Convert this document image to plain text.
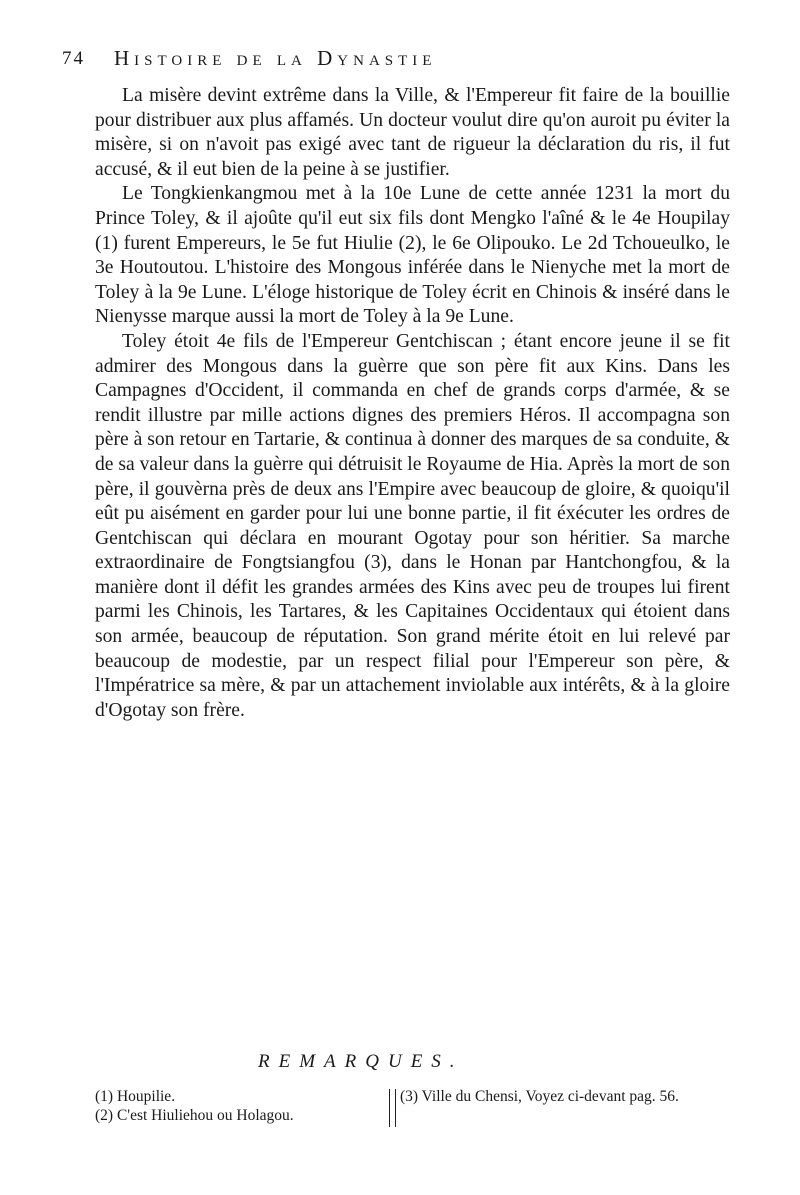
74 Histoire de la Dynastie

La misère devint extrême dans la Ville, & l'Empereur fit faire de la bouillie pour distribuer aux plus affamés. Un docteur voulut dire qu'on auroit pu éviter la misère, si on n'avoit pas exigé avec tant de rigueur la déclaration du ris, il fut accusé, & il eut bien de la peine à se justifier.

Le Tongkienkangmou met à la 10e Lune de cette année 1231 la mort du Prince Toley, & il ajoûte qu'il eut six fils dont Mengko l'aîné & le 4e Houpilay (1) furent Empereurs, le 5e fut Hiulie (2), le 6e Olipouko. Le 2d Tchoueulko, le 3e Houtoutou. L'histoire des Mongous inférée dans le Nienyche met la mort de Toley à la 9e Lune. L'éloge historique de Toley écrit en Chinois & inséré dans le Nienysse marque aussi la mort de Toley à la 9e Lune.

Toley étoit 4e fils de l'Empereur Gentchiscan ; étant encore jeune il se fit admirer des Mongous dans la guèrre que son père fit aux Kins. Dans les Campagnes d'Occident, il commanda en chef de grands corps d'armée, & se rendit illustre par mille actions dignes des premiers Héros. Il accompagna son père à son retour en Tartarie, & continua à donner des marques de sa conduite, & de sa valeur dans la guèrre qui détruisit le Royaume de Hia. Après la mort de son père, il gouvèrna près de deux ans l'Empire avec beaucoup de gloire, & quoiqu'il eût pu aisément en garder pour lui une bonne partie, il fit éxécuter les ordres de Gentchiscan qui déclara en mourant Ogotay pour son héritier. Sa marche extraordinaire de Fongtsiangfou (3), dans le Honan par Hantchongfou, & la manière dont il défit les grandes armées des Kins avec peu de troupes lui firent parmi les Chinois, les Tartares, & les Capitaines Occidentaux qui étoient dans son armée, beaucoup de réputation. Son grand mérite étoit en lui relevé par beaucoup de modestie, par un respect filial pour l'Empereur son père, & l'Impératrice sa mère, & par un attachement inviolable aux intérêts, & à la gloire d'Ogotay son frère.

REMARQUES.
(1) Houpilie.
(2) C'est Hiuliehou ou Holagou.
(3) Ville du Chensi, Voyez ci-devant pag. 56.
